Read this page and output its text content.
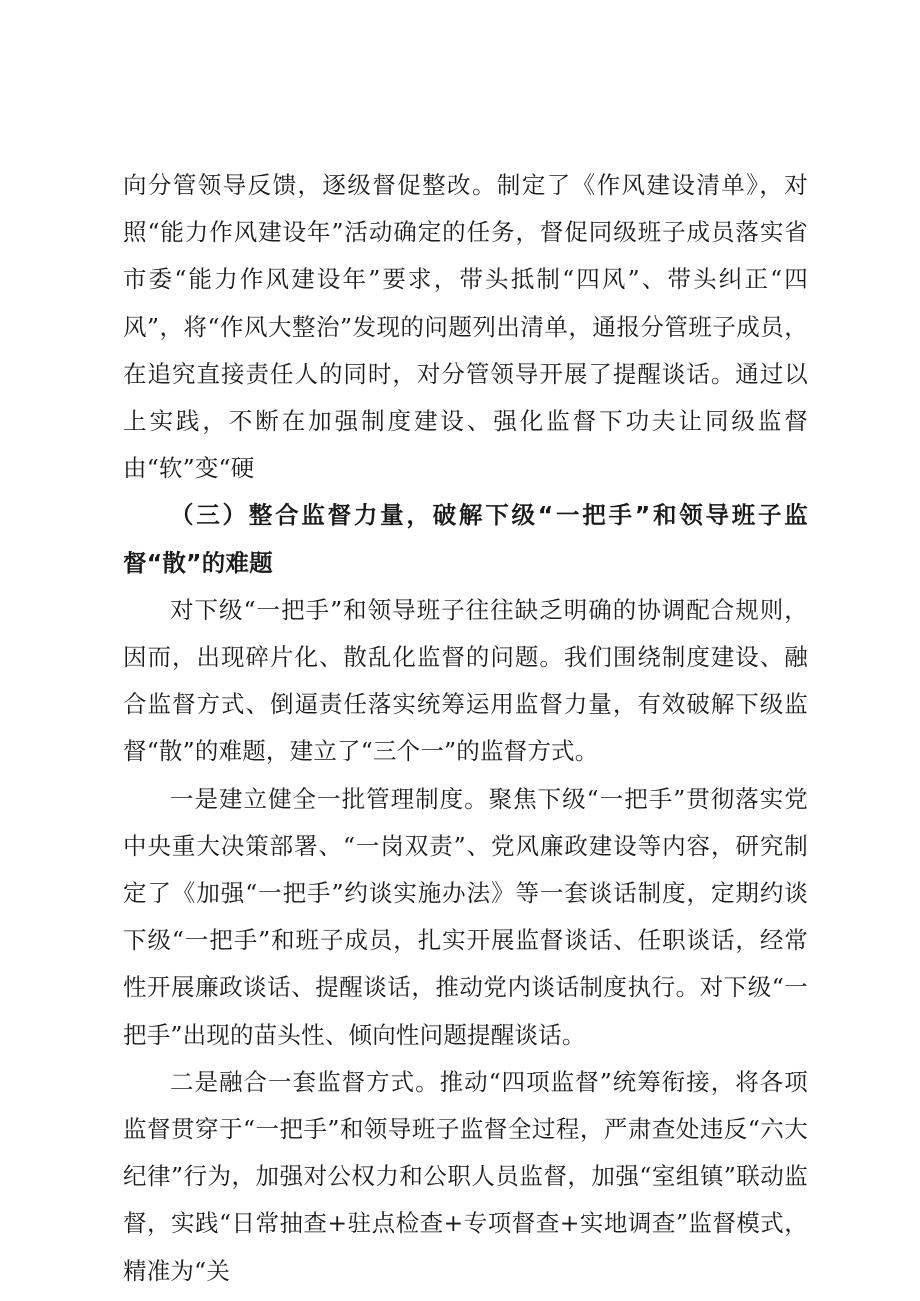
向分管领导反馈，逐级督促整改。制定了《作风建设清单》，对照“能力作风建设年”活动确定的任务，督促同级班子成员落实省市委“能力作风建设年”要求，带头抵制“四风”、带头纠正“四风”，将“作风大整治”发现的问题列出清单，通报分管班子成员，在追究直接责任人的同时，对分管领导开展了提醒谈话。通过以上实践，不断在加强制度建设、强化监督下功夫让同级监督由“软”变“硬

（三）整合监督力量，破解下级“一把手”和领导班子监督“散”的难题

对下级“一把手”和领导班子往往缺乏明确的协调配合规则，因而，出现碎片化、散乱化监督的问题。我们围绕制度建设、融合监督方式、倒逼责任落实统筹运用监督力量，有效破解下级监督“散”的难题，建立了“三个一”的监督方式。

一是建立健全一批管理制度。聚焦下级“一把手”贯彻落实党中央重大决策部署、“一岗双责”、党风廉政建设等内容，研究制定了《加强“一把手”约谈实施办法》等一套谈话制度，定期约谈下级“一把手”和班子成员，扎实开展监督谈话、任职谈话，经常性开展廉政谈话、提醒谈话，推动党内谈话制度执行。对下级“一把手”出现的苗头性、倾向性问题提醒谈话。

二是融合一套监督方式。推动“四项监督”统筹衔接，将各项监督贯穿于“一把手”和领导班子监督全过程，严肃查处违反“六大纪律”行为，加强对公权力和公职人员监督，加强“室组镇”联动监督，实践“日常抽查+驻点检查+专项督查+实地调查”监督模式，精准为“关
